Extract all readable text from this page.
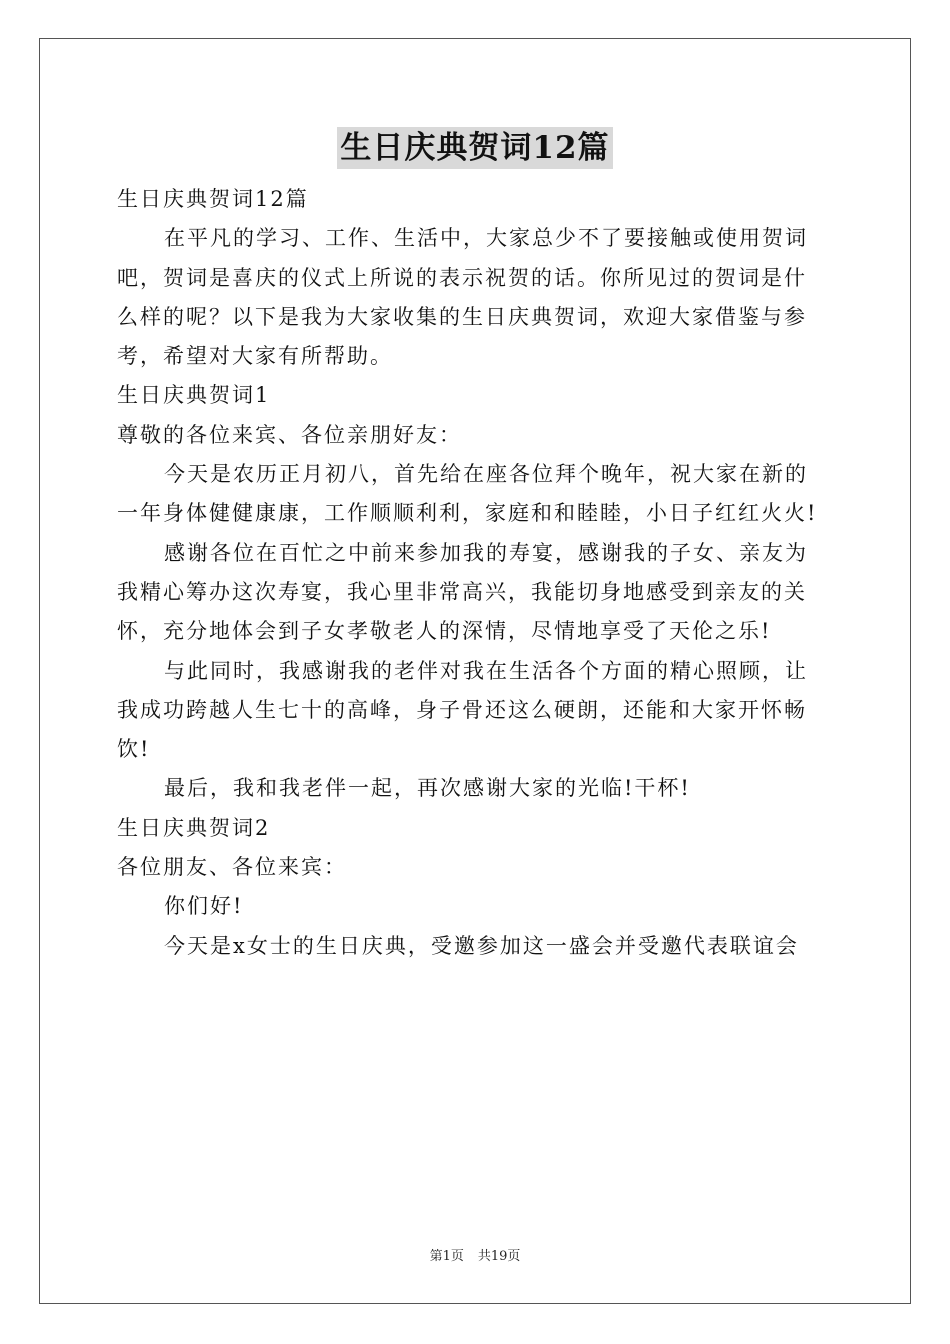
生日庆典贺词12篇

生日庆典贺词12篇

在平凡的学习、工作、生活中，大家总少不了要接触或使用贺词

吧，贺词是喜庆的仪式上所说的表示祝贺的话。你所见过的贺词是什

么样的呢？以下是我为大家收集的生日庆典贺词，欢迎大家借鉴与参

考，希望对大家有所帮助。

生日庆典贺词1

尊敬的各位来宾、各位亲朋好友：

今天是农历正月初八，首先给在座各位拜个晚年，祝大家在新的

一年身体健健康康，工作顺顺利利，家庭和和睦睦，小日子红红火火!

感谢各位在百忙之中前来参加我的寿宴，感谢我的子女、亲友为

我精心筹办这次寿宴，我心里非常高兴，我能切身地感受到亲友的关

怀，充分地体会到子女孝敬老人的深情，尽情地享受了天伦之乐!

与此同时，我感谢我的老伴对我在生活各个方面的精心照顾，让

我成功跨越人生七十的高峰，身子骨还这么硬朗，还能和大家开怀畅

饮!

最后，我和我老伴一起，再次感谢大家的光临!干杯!

生日庆典贺词2

各位朋友、各位来宾：

你们好!

今天是x女士的生日庆典，受邀参加这一盛会并受邀代表联谊会

第1页 共19页
